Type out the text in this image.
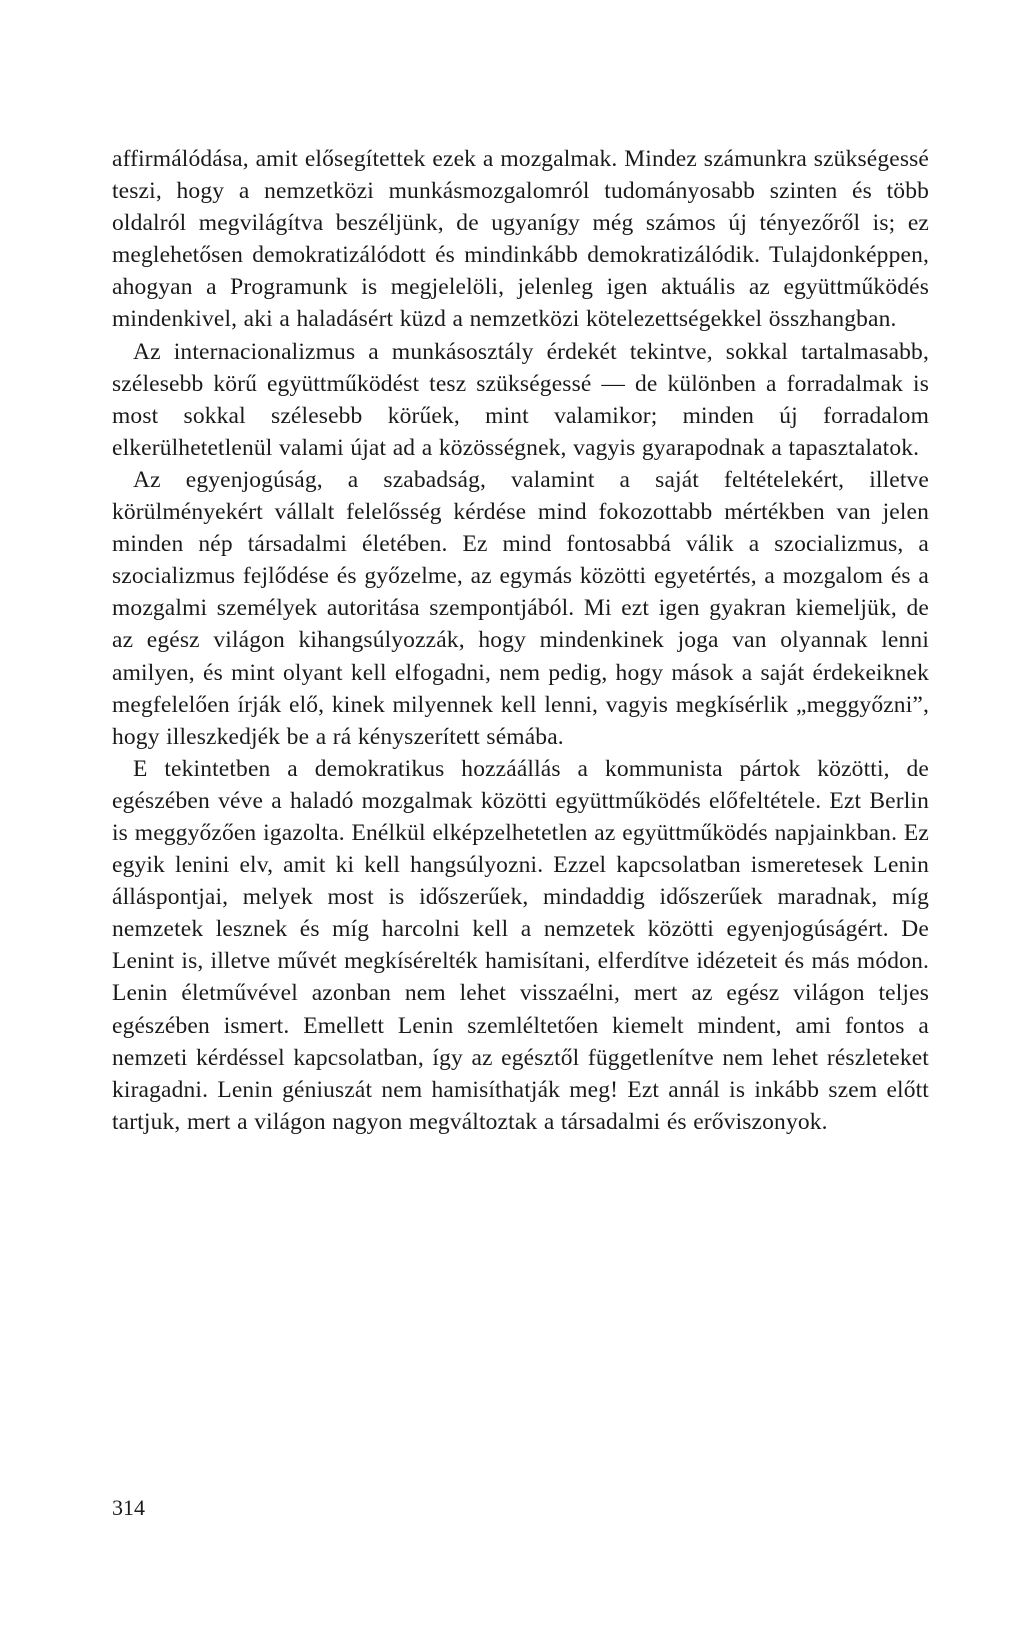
affirmálódása, amit elősegítettek ezek a mozgalmak. Mindez számunkra szükségessé teszi, hogy a nemzetközi munkásmozgalomról tudományosabb szinten és több oldalról megvilágítva beszéljünk, de ugyanígy még számos új tényezőről is; ez meglehetősen demokratizálódott és mindinkább demokratizálódik. Tulajdonképpen, ahogyan a Programunk is megjelelöli, jelenleg igen aktuális az együttműködés mindenkivel, aki a haladásért küzd a nemzetközi kötelezettségekkel összhangban.

Az internacionalizmus a munkásosztály érdekét tekintve, sokkal tartalmasabb, szélesebb körű együttműködést tesz szükségessé — de különben a forradalmak is most sokkal szélesebb körűek, mint valamikor; minden új forradalom elkerülhetetlenül valami újat ad a közösségnek, vagyis gyarapodnak a tapasztalatok.

Az egyenjogúság, a szabadság, valamint a saját feltételekért, illetve körülményekért vállalt felelősség kérdése mind fokozottabb mértékben van jelen minden nép társadalmi életében. Ez mind fontosabbá válik a szocializmus, a szocializmus fejlődése és győzelme, az egymás közötti egyetértés, a mozgalom és a mozgalmi személyek autoritása szempontjából. Mi ezt igen gyakran kiemeljük, de az egész világon kihangsúlyozzák, hogy mindenkinek joga van olyannak lenni amilyen, és mint olyant kell elfogadni, nem pedig, hogy mások a saját érdekeiknek megfelelően írják elő, kinek milyennek kell lenni, vagyis megkísérlik „meggyőzni”, hogy illeszkedjék be a rá kényszerített sémába.

E tekintetben a demokratikus hozzáállás a kommunista pártok közötti, de egészében véve a haladó mozgalmak közötti együttműködés előfeltétele. Ezt Berlin is meggyőzően igazolta. Enélkül elképzelhetetlen az együttműködés napjainkban. Ez egyik lenini elv, amit ki kell hangsúlyozni. Ezzel kapcsolatban ismeretesek Lenin álláspontjai, melyek most is időszerűek, mindaddig időszerűek maradnak, míg nemzetek lesznek és míg harcolni kell a nemzetek közötti egyenjogúságért. De Lenint is, illetve művét megkísérelték hamisítani, elferdítve idézeteit és más módon. Lenin életművével azonban nem lehet visszaélni, mert az egész világon teljes egészében ismert. Emellett Lenin szemléltetően kiemelt mindent, ami fontos a nemzeti kérdéssel kapcsolatban, így az egésztől függetlenítve nem lehet részleteket kiragadni. Lenin géniuszát nem hamisíthatják meg! Ezt annál is inkább szem előtt tartjuk, mert a világon nagyon megváltoztak a társadalmi és erőviszonyok.

314
